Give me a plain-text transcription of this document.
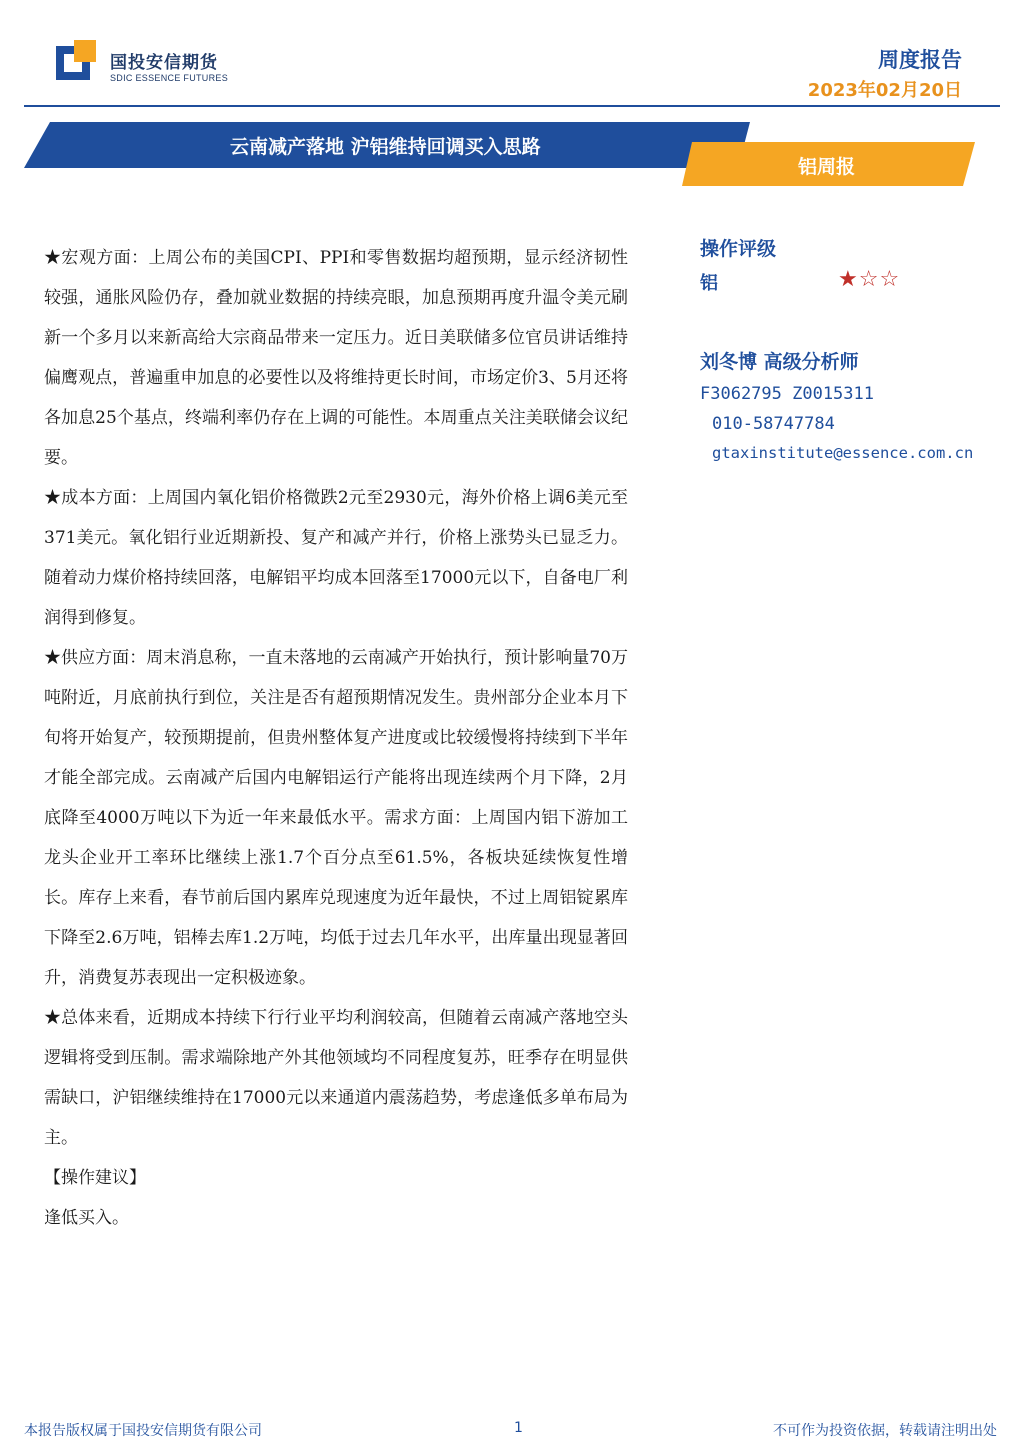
国投安信期货
SDIC ESSENCE FUTURES
周度报告
2023年02月20日
云南减产落地 沪铝维持回调买入思路
铝周报

★宏观方面：上周公布的美国CPI、PPI和零售数据均超预期，显示经济韧性较强，通胀风险仍存，叠加就业数据的持续亮眼，加息预期再度升温令美元刷新一个多月以来新高给大宗商品带来一定压力。近日美联储多位官员讲话维持偏鹰观点，普遍重申加息的必要性以及将维持更长时间，市场定价3、5月还将各加息25个基点，终端利率仍存在上调的可能性。本周重点关注美联储会议纪要。

★成本方面：上周国内氧化铝价格微跌2元至2930元，海外价格上调6美元至371美元。氧化铝行业近期新投、复产和减产并行，价格上涨势头已显乏力。随着动力煤价格持续回落，电解铝平均成本回落至17000元以下，自备电厂利润得到修复。

★供应方面：周末消息称，一直未落地的云南减产开始执行，预计影响量70万吨附近，月底前执行到位，关注是否有超预期情况发生。贵州部分企业本月下旬将开始复产，较预期提前，但贵州整体复产进度或比较缓慢将持续到下半年才能全部完成。云南减产后国内电解铝运行产能将出现连续两个月下降，2月底降至4000万吨以下为近一年来最低水平。需求方面：上周国内铝下游加工龙头企业开工率环比继续上涨1.7个百分点至61.5%，各板块延续恢复性增长。库存上来看，春节前后国内累库兑现速度为近年最快，不过上周铝锭累库下降至2.6万吨，铝棒去库1.2万吨，均低于过去几年水平，出库量出现显著回升，消费复苏表现出一定积极迹象。

★总体来看，近期成本持续下行行业平均利润较高，但随着云南减产落地空头逻辑将受到压制。需求端除地产外其他领域均不同程度复苏，旺季存在明显供需缺口，沪铝继续维持在17000元以来通道内震荡趋势，考虑逢低多单布局为主。

【操作建议】

逢低买入。

操作评级
铝	★☆☆
刘冬博 高级分析师
F3062795 Z0015311
010-58747784
gtaxinstitute@essence.com.cn
本报告版权属于国投安信期货有限公司	1	不可作为投资依据，转载请注明出处
